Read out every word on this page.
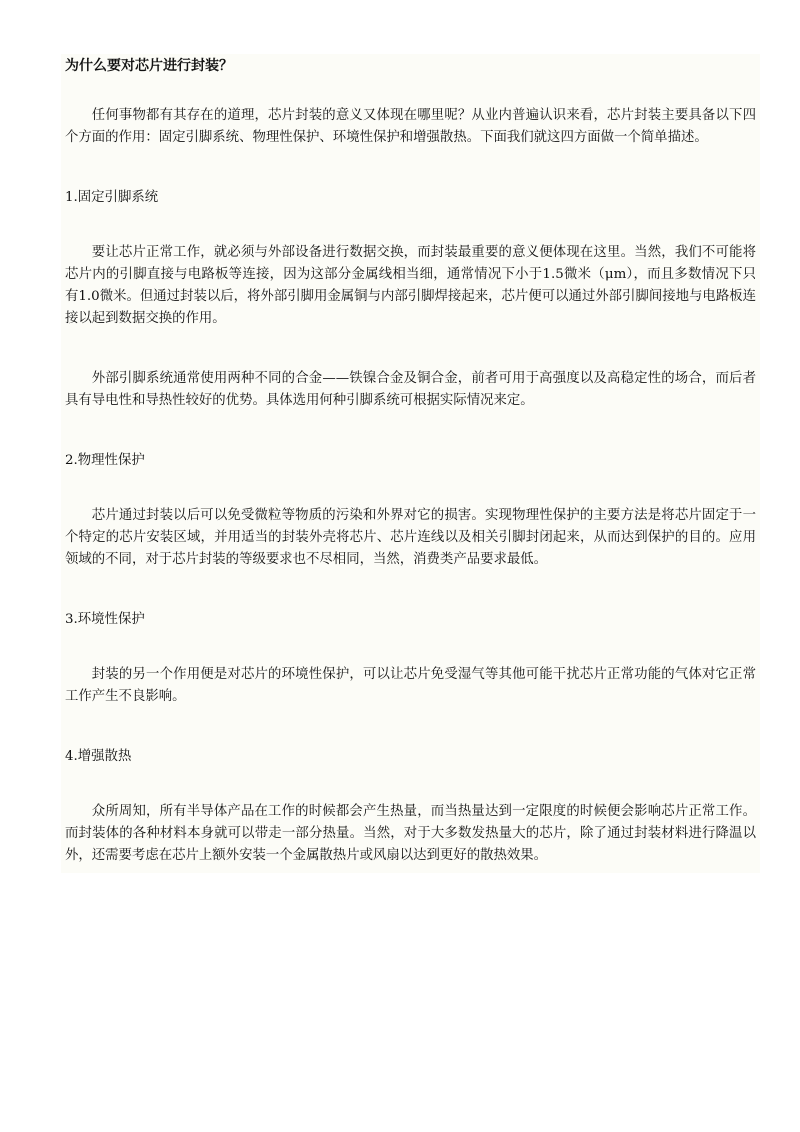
为什么要对芯片进行封装？

任何事物都有其存在的道理，芯片封装的意义又体现在哪里呢？从业内普遍认识来看，芯片封装主要具备以下四个方面的作用：固定引脚系统、物理性保护、环境性保护和增强散热。下面我们就这四方面做一个简单描述。

1.固定引脚系统

要让芯片正常工作，就必须与外部设备进行数据交换，而封装最重要的意义便体现在这里。当然，我们不可能将芯片内的引脚直接与电路板等连接，因为这部分金属线相当细，通常情况下小于1.5微米（μm），而且多数情况下只有1.0微米。但通过封装以后，将外部引脚用金属铜与内部引脚焊接起来，芯片便可以通过外部引脚间接地与电路板连接以起到数据交换的作用。

外部引脚系统通常使用两种不同的合金——铁镍合金及铜合金，前者可用于高强度以及高稳定性的场合，而后者具有导电性和导热性较好的优势。具体选用何种引脚系统可根据实际情况来定。

2.物理性保护

芯片通过封装以后可以免受微粒等物质的污染和外界对它的损害。实现物理性保护的主要方法是将芯片固定于一个特定的芯片安装区域，并用适当的封装外壳将芯片、芯片连线以及相关引脚封闭起来，从而达到保护的目的。应用领域的不同，对于芯片封装的等级要求也不尽相同，当然，消费类产品要求最低。

3.环境性保护

封装的另一个作用便是对芯片的环境性保护，可以让芯片免受湿气等其他可能干扰芯片正常功能的气体对它正常工作产生不良影响。

4.增强散热

众所周知，所有半导体产品在工作的时候都会产生热量，而当热量达到一定限度的时候便会影响芯片正常工作。而封装体的各种材料本身就可以带走一部分热量。当然，对于大多数发热量大的芯片，除了通过封装材料进行降温以外，还需要考虑在芯片上额外安装一个金属散热片或风扇以达到更好的散热效果。
